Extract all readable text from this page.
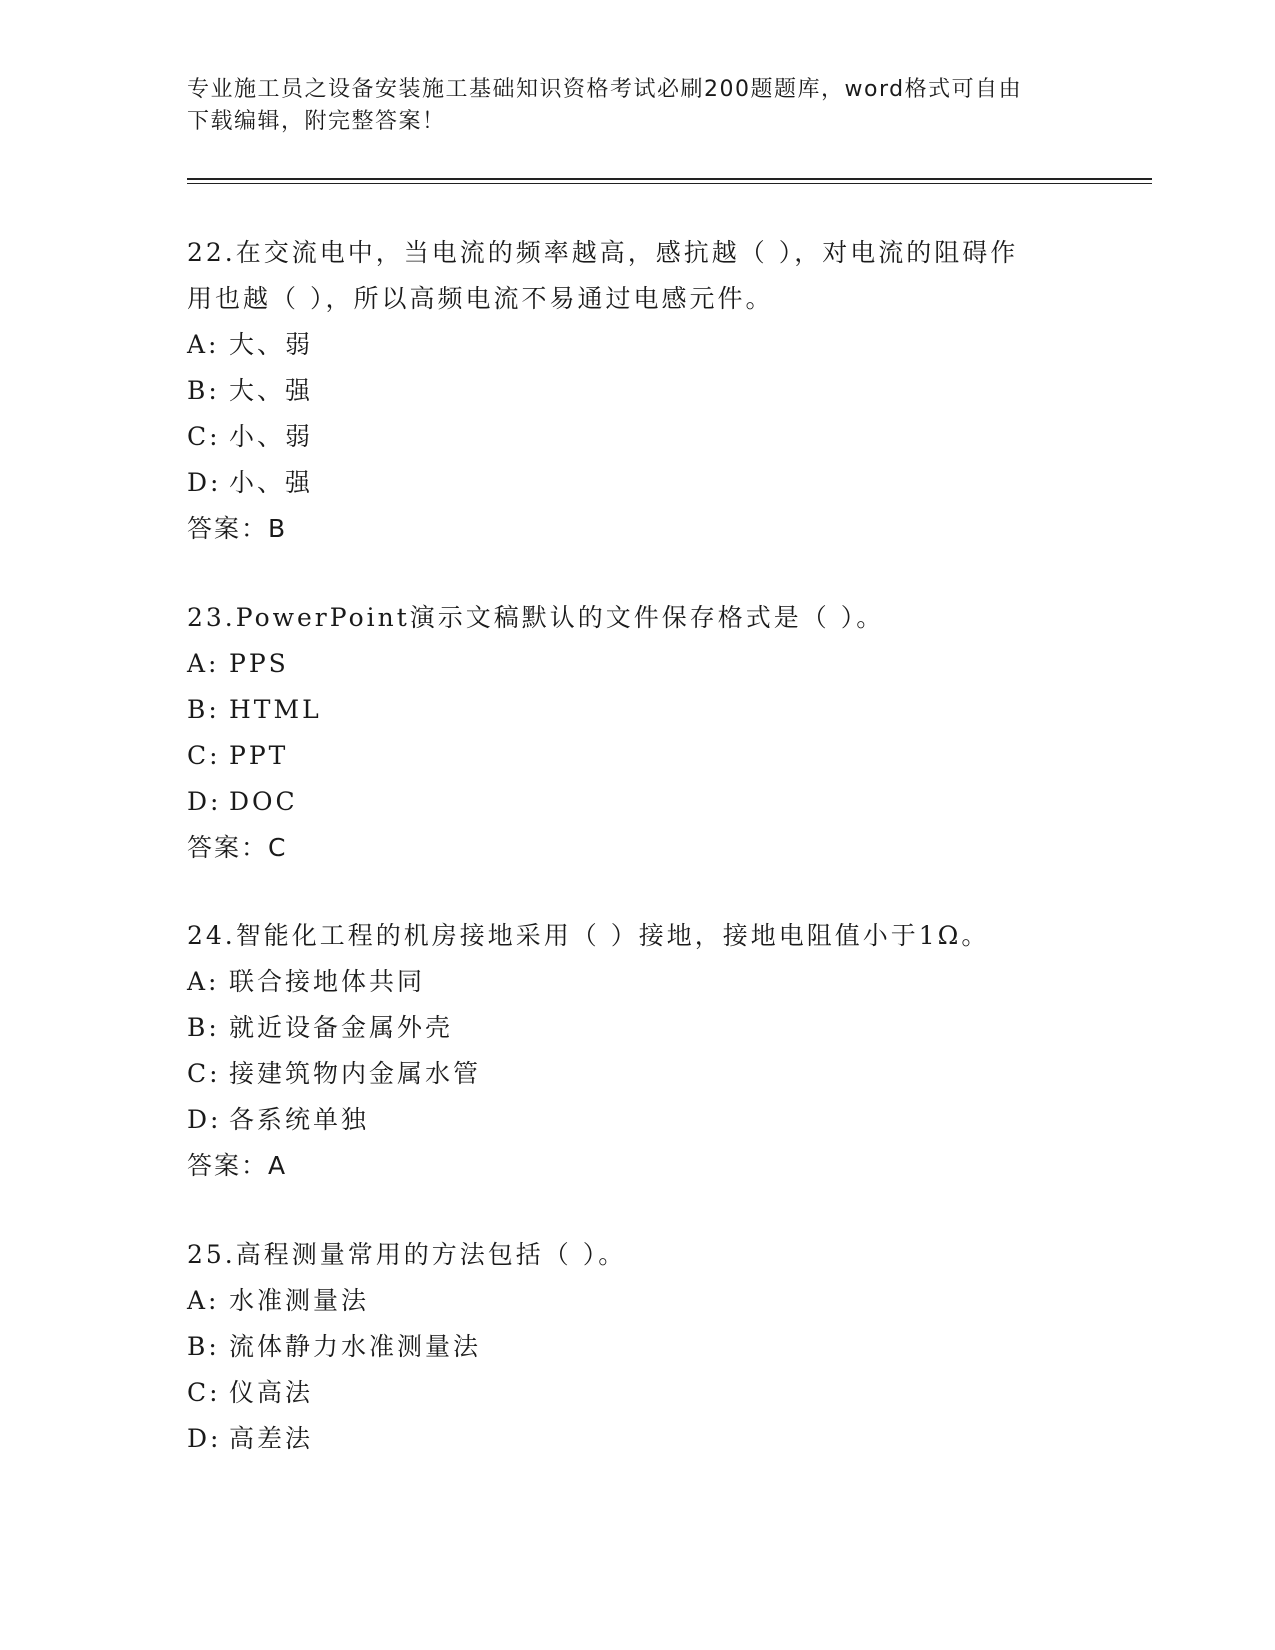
专业施工员之设备安装施工基础知识资格考试必刷200题题库，word格式可自由
下载编辑，附完整答案！
22.在交流电中，当电流的频率越高，感抗越（ ），对电流的阻碍作
用也越（ ），所以高频电流不易通过电感元件。
A: 大、弱
B: 大、强
C: 小、弱
D: 小、强
答案：B
23.PowerPoint演示文稿默认的文件保存格式是（ ）。
A: PPS
B: HTML
C: PPT
D: DOC
答案：C
24.智能化工程的机房接地采用（ ）接地，接地电阻值小于1Ω。
A: 联合接地体共同
B: 就近设备金属外壳
C: 接建筑物内金属水管
D: 各系统单独
答案：A
25.高程测量常用的方法包括（ ）。
A: 水准测量法
B: 流体静力水准测量法
C: 仪高法
D: 高差法
